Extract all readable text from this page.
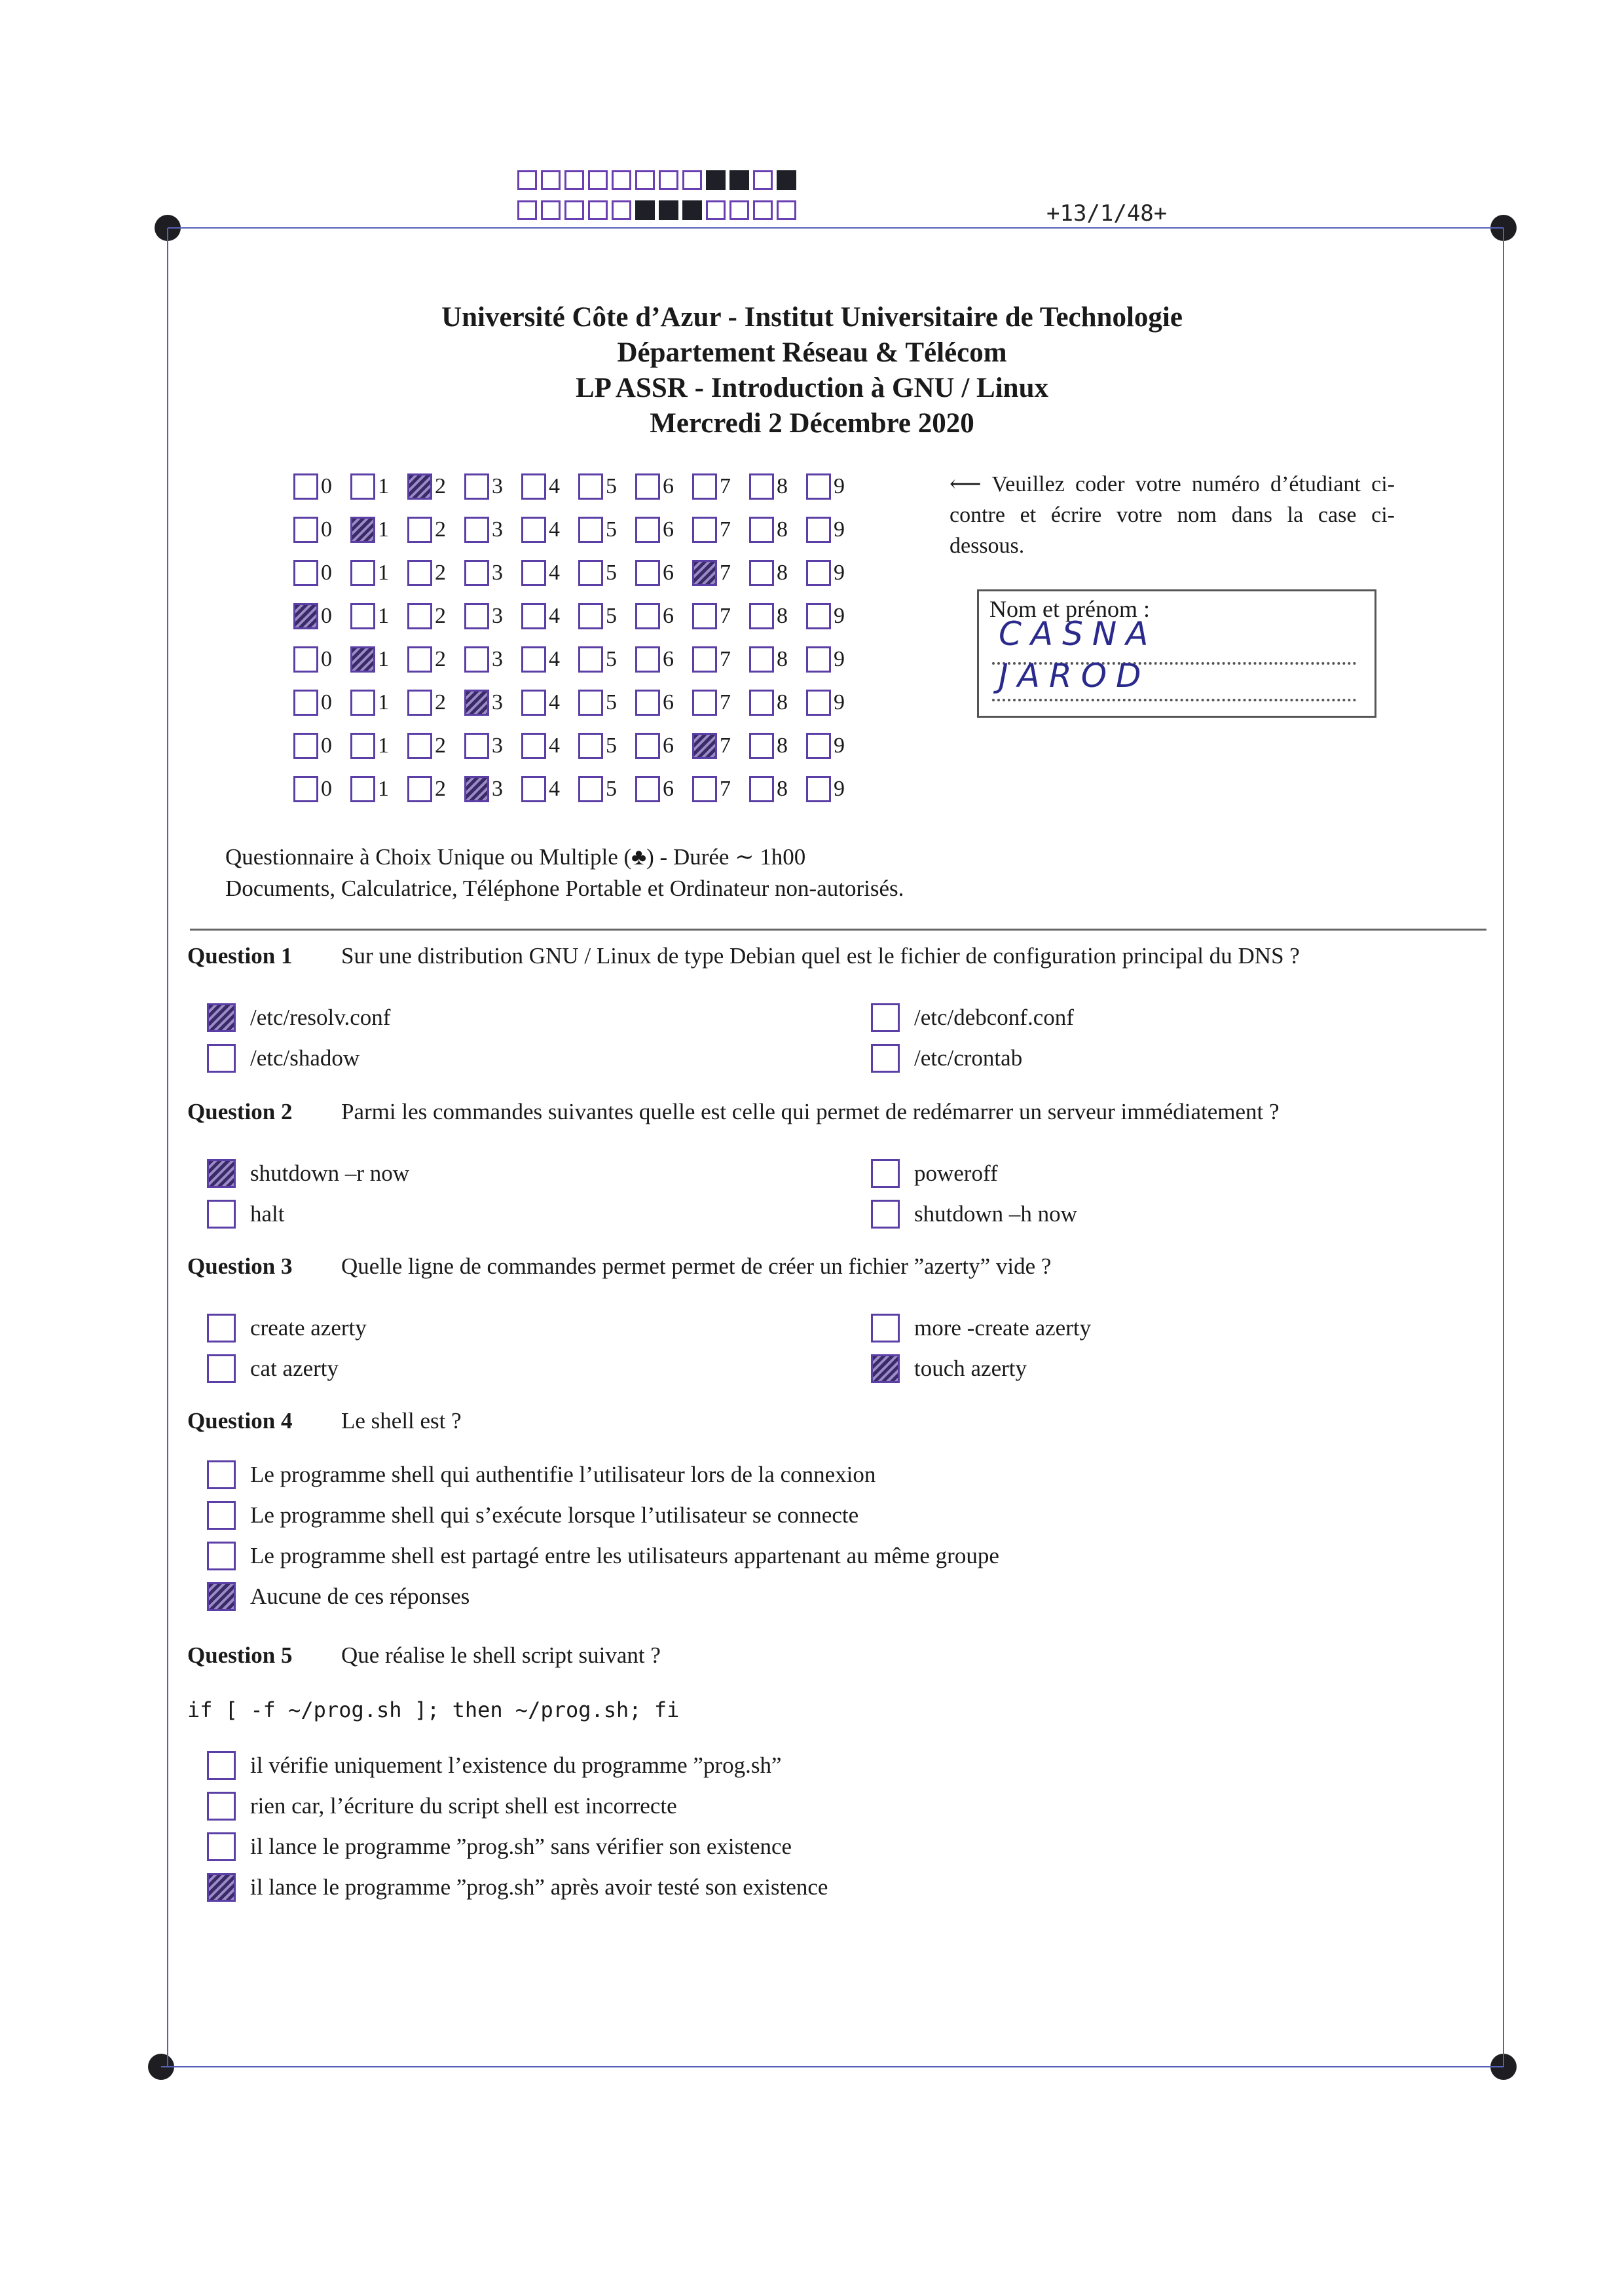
+13/1/48+
Université Côte d’Azur - Institut Universitaire de Technologie
Département Réseau & Télécom
LP ASSR - Introduction à GNU / Linux
Mercredi 2 Décembre 2020
0 1 2 3 4 5 6 7 8 9
0 1 2 3 4 5 6 7 8 9
0 1 2 3 4 5 6 7 8 9
0 1 2 3 4 5 6 7 8 9
0 1 2 3 4 5 6 7 8 9
0 1 2 3 4 5 6 7 8 9
0 1 2 3 4 5 6 7 8 9
0 1 2 3 4 5 6 7 8 9
⟵ Veuillez coder votre numéro d’étudiant ci-contre et écrire votre nom dans la case ci-dessous.
Nom et prénom :
CASNA
JAROD
Questionnaire à Choix Unique ou Multiple (♣) - Durée ∼ 1h00
Documents, Calculatrice, Téléphone Portable et Ordinateur non-autorisés.
Question 1 Sur une distribution GNU / Linux de type Debian quel est le fichier de configuration principal du DNS ?
/etc/resolv.conf	/etc/debconf.conf
/etc/shadow	/etc/crontab
Question 2 Parmi les commandes suivantes quelle est celle qui permet de redémarrer un serveur immédiatement ?
shutdown –r now	poweroff
halt	shutdown –h now
Question 3 Quelle ligne de commandes permet permet de créer un fichier ”azerty” vide ?
create azerty	more -create azerty
cat azerty	touch azerty
Question 4 Le shell est ?
Le programme shell qui authentifie l’utilisateur lors de la connexion
Le programme shell qui s’exécute lorsque l’utilisateur se connecte
Le programme shell est partagé entre les utilisateurs appartenant au même groupe
Aucune de ces réponses
Question 5 Que réalise le shell script suivant ?
if [ -f ~/prog.sh ]; then ~/prog.sh; fi
il vérifie uniquement l’existence du programme ”prog.sh”
rien car, l’écriture du script shell est incorrecte
il lance le programme ”prog.sh” sans vérifier son existence
il lance le programme ”prog.sh” après avoir testé son existence
